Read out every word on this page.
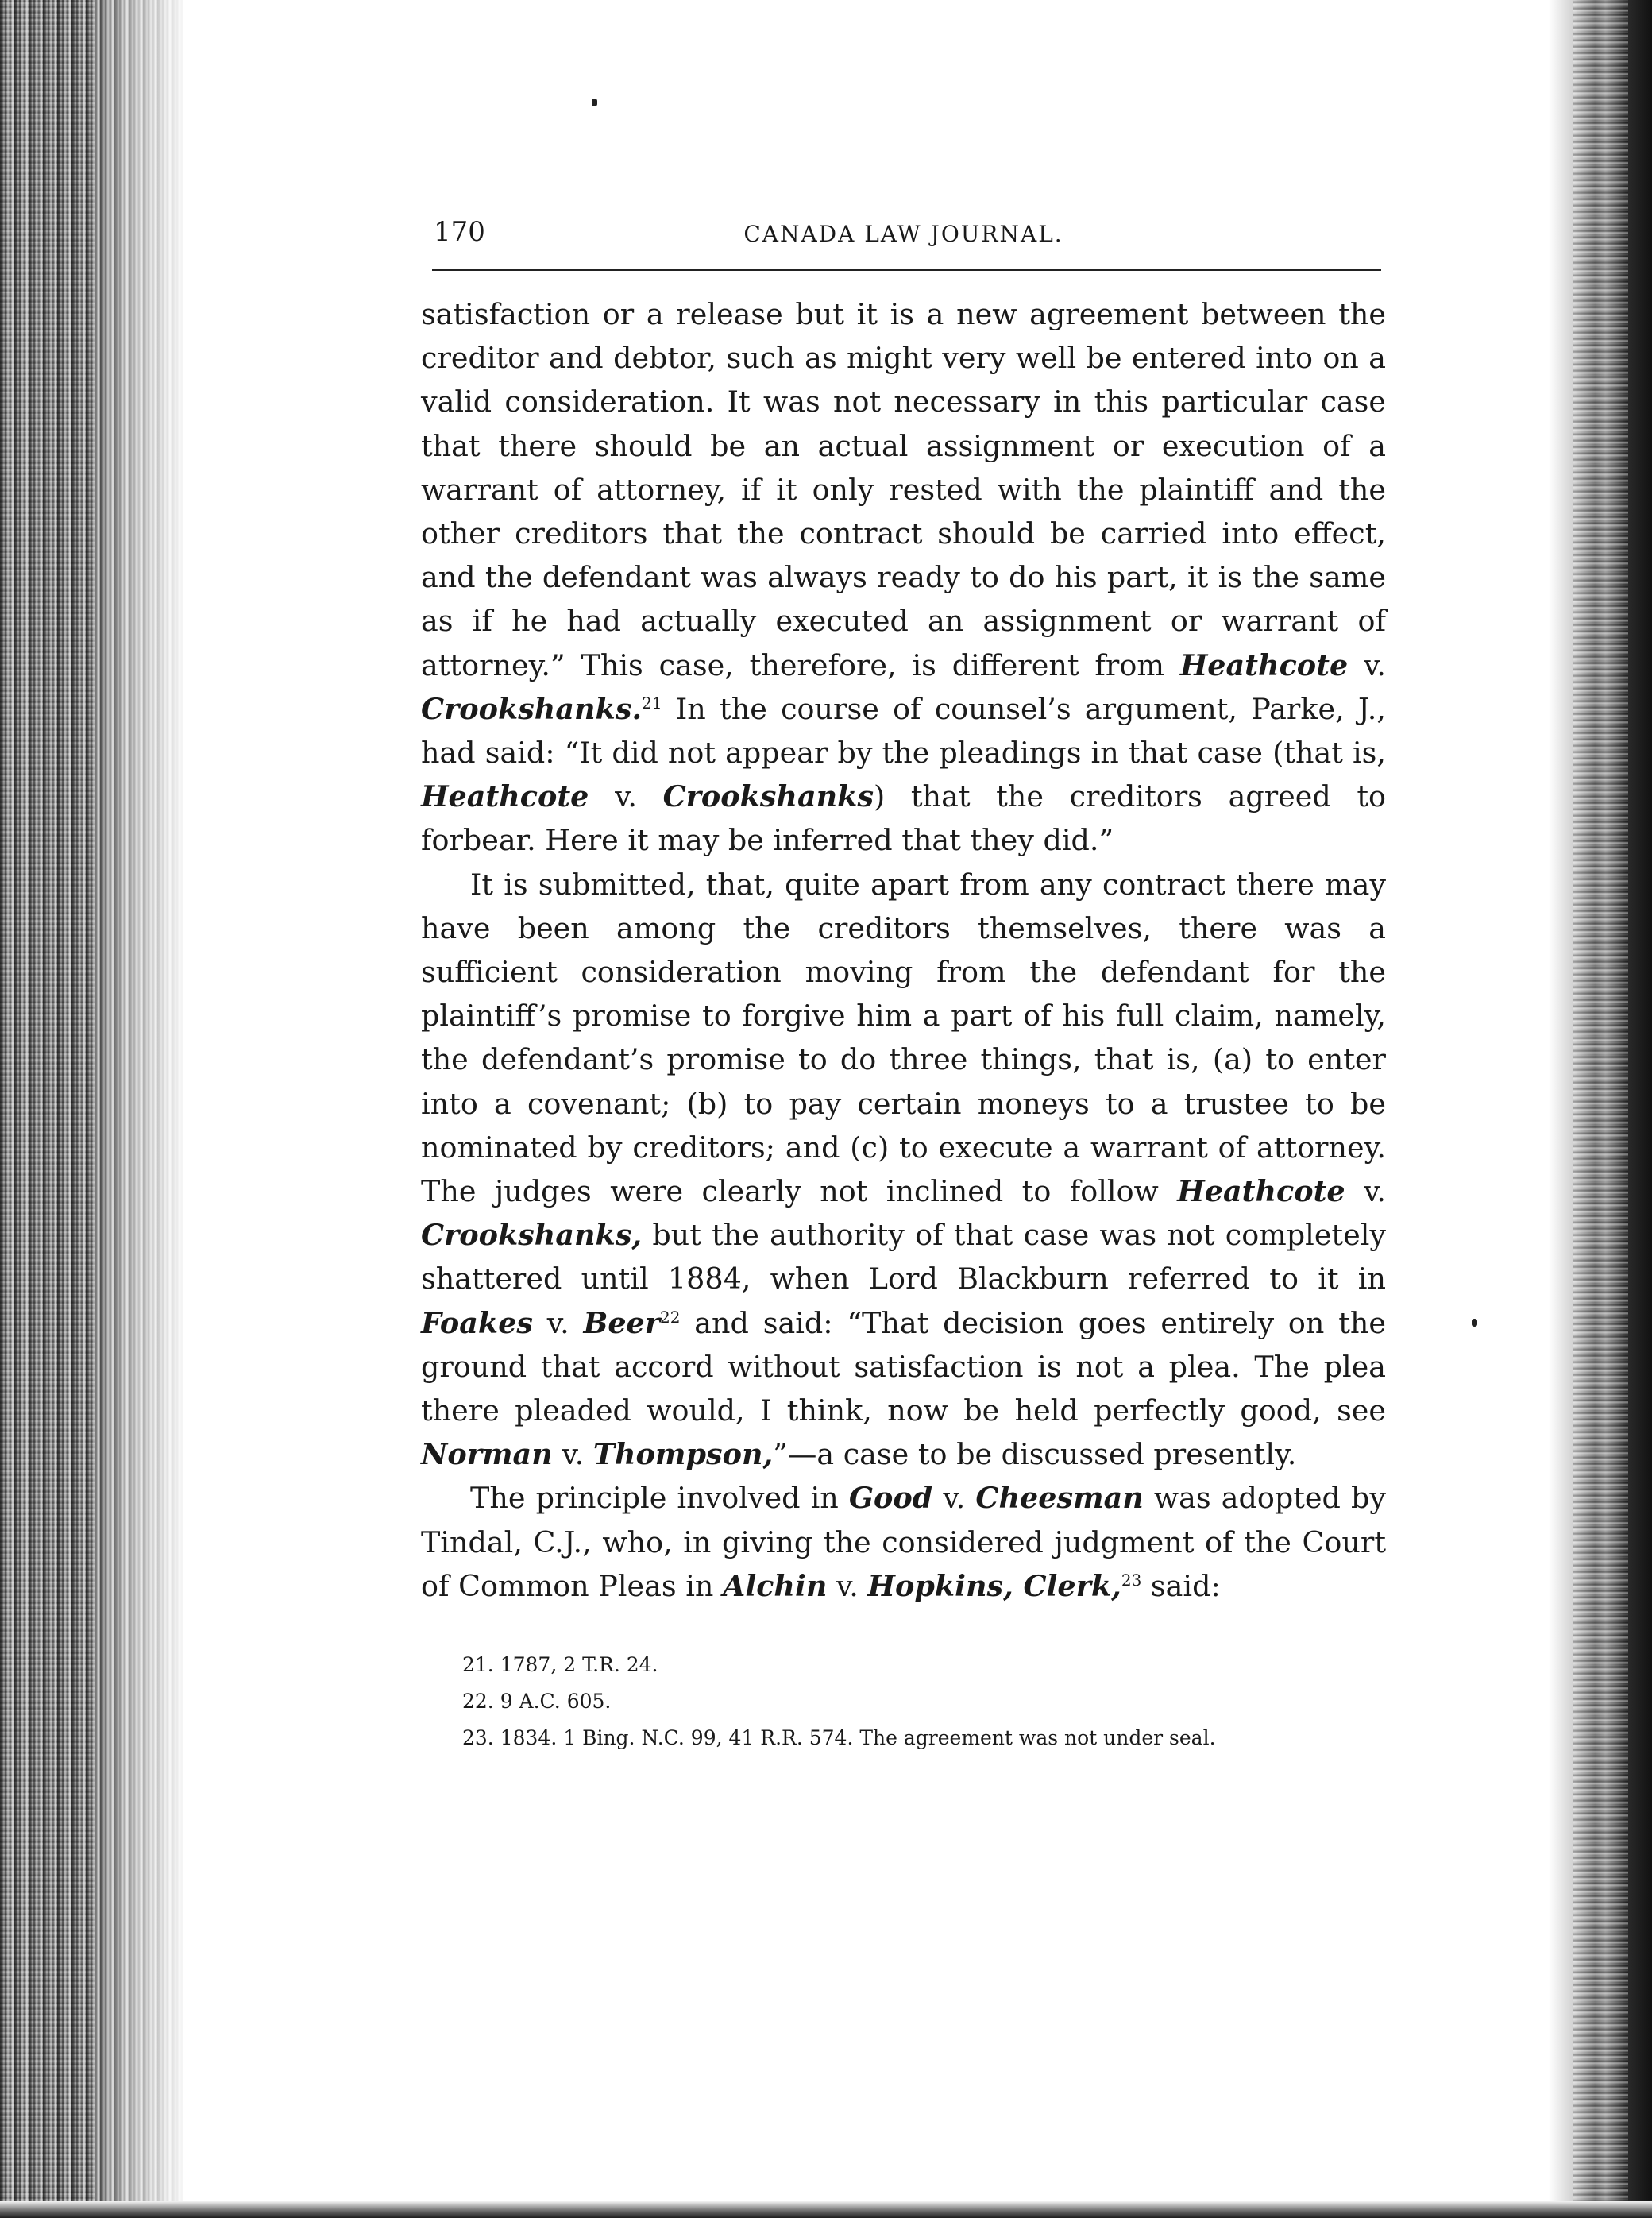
170	CANADA LAW JOURNAL.

satisfaction or a release but it is a new agreement between the creditor and debtor, such as might very well be entered into on a valid consideration. It was not necessary in this particular case that there should be an actual assignment or execution of a warrant of attorney, if it only rested with the plaintiff and the other creditors that the contract should be carried into effect, and the defendant was always ready to do his part, it is the same as if he had actually executed an assignment or warrant of attorney.” This case, therefore, is different from Heathcote v. Crookshanks.$^{21}$ In the course of counsel’s argument, Parke, J., had said: “It did not appear by the pleadings in that case (that is, Heathcote v. Crookshanks) that the creditors agreed to forbear. Here it may be inferred that they did.”

It is submitted, that, quite apart from any contract there may have been among the creditors themselves, there was a sufficient consideration moving from the defendant for the plaintiff’s promise to forgive him a part of his full claim, namely, the defendant’s promise to do three things, that is, (a) to enter into a covenant; (b) to pay certain moneys to a trustee to be nominated by creditors; and (c) to execute a warrant of attorney. The judges were clearly not inclined to follow Heathcote v. Crookshanks, but the authority of that case was not completely shattered until 1884, when Lord Blackburn referred to it in Foakes v. Beer$^{22}$ and said: “That decision goes entirely on the ground that accord without satisfaction is not a plea. The plea there pleaded would, I think, now be held perfectly good, see Norman v. Thompson,”—a case to be discussed presently.

The principle involved in Good v. Cheesman was adopted by Tindal, C.J., who, in giving the considered judgment of the Court of Common Pleas in Alchin v. Hopkins, Clerk,$^{23}$ said:

21. 1787, 2 T.R. 24.

22. 9 A.C. 605.

23. 1834. 1 Bing. N.C. 99, 41 R.R. 574. The agreement was not under seal.
